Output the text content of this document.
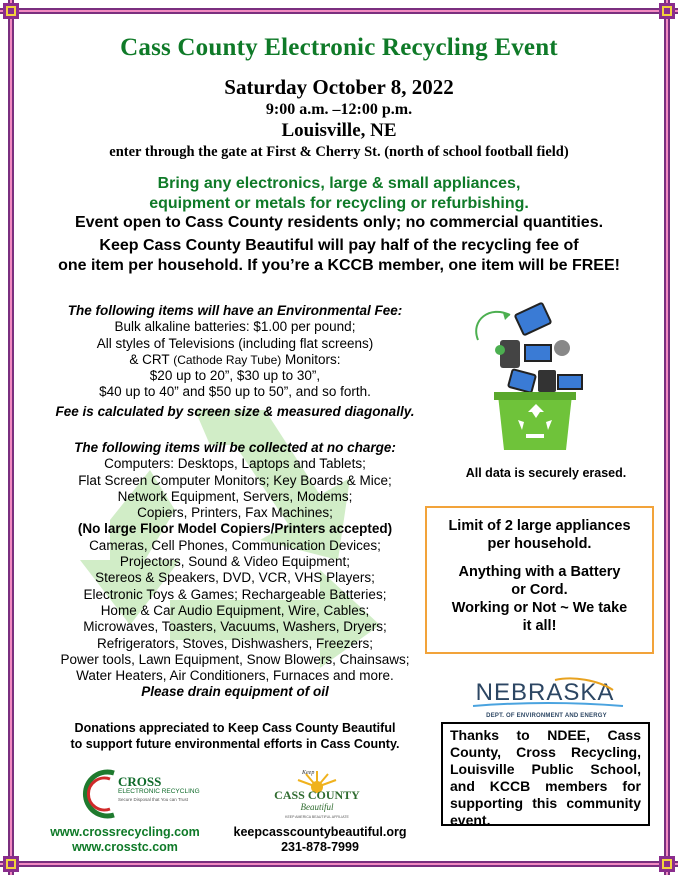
Cass County Electronic Recycling Event
Saturday October 8, 2022
9:00 a.m. –12:00 p.m.
Louisville, NE
enter through the gate at First & Cherry St. (north of school football field)
Bring any electronics, large & small appliances,
equipment or metals for recycling or refurbishing.
Event open to Cass County residents only; no commercial quantities.
Keep Cass County Beautiful will pay half of the recycling fee of
one item per household. If you’re a KCCB member, one item will be FREE!
The following items will have an Environmental Fee:
Bulk alkaline batteries: $1.00 per pound;
All styles of Televisions (including flat screens)
& CRT (Cathode Ray Tube) Monitors:
$20 up to 20”, $30 up to 30”,
$40 up to 40” and $50 up to 50”, and so forth.
Fee is calculated by screen size & measured diagonally.
The following items will be collected at no charge:
Computers: Desktops, Laptops and Tablets;
Flat Screen Computer Monitors; Key Boards & Mice;
Network Equipment, Servers, Modems;
Copiers, Printers, Fax Machines;
(No large Floor Model Copiers/Printers accepted)
Cameras, Cell Phones, Communication Devices;
Projectors, Sound & Video Equipment;
Stereos & Speakers, DVD, VCR, VHS Players;
Electronic Toys & Games; Rechargeable Batteries;
Home & Car Audio Equipment, Wire, Cables;
Microwaves, Toasters, Vacuums, Washers, Dryers;
Refrigerators, Stoves, Dishwashers, Freezers;
Power tools, Lawn Equipment, Snow Blowers, Chainsaws;
Water Heaters, Air Conditioners, Furnaces and more.
Please drain equipment of oil
Donations appreciated to Keep Cass County Beautiful
to support future environmental efforts in Cass County.
CROSS
ELECTRONIC RECYCLING
Secure Disposal that You can Trust
www.crossrecycling.com
www.crosstc.com
Keep
CASS COUNTY
Beautiful
KEEP AMERICA BEAUTIFUL AFFILIATE
keepcasscountybeautiful.org
231-878-7999
All data is securely erased.
Limit of 2 large appliances
per household.
Anything with a Battery
or Cord.
Working or Not ~ We take
it all!
NEBRASKA
DEPT. OF ENVIRONMENT AND ENERGY
Thanks to NDEE, Cass County, Cross Recycling, Louisville Public School, and KCCB members for supporting this community event.
